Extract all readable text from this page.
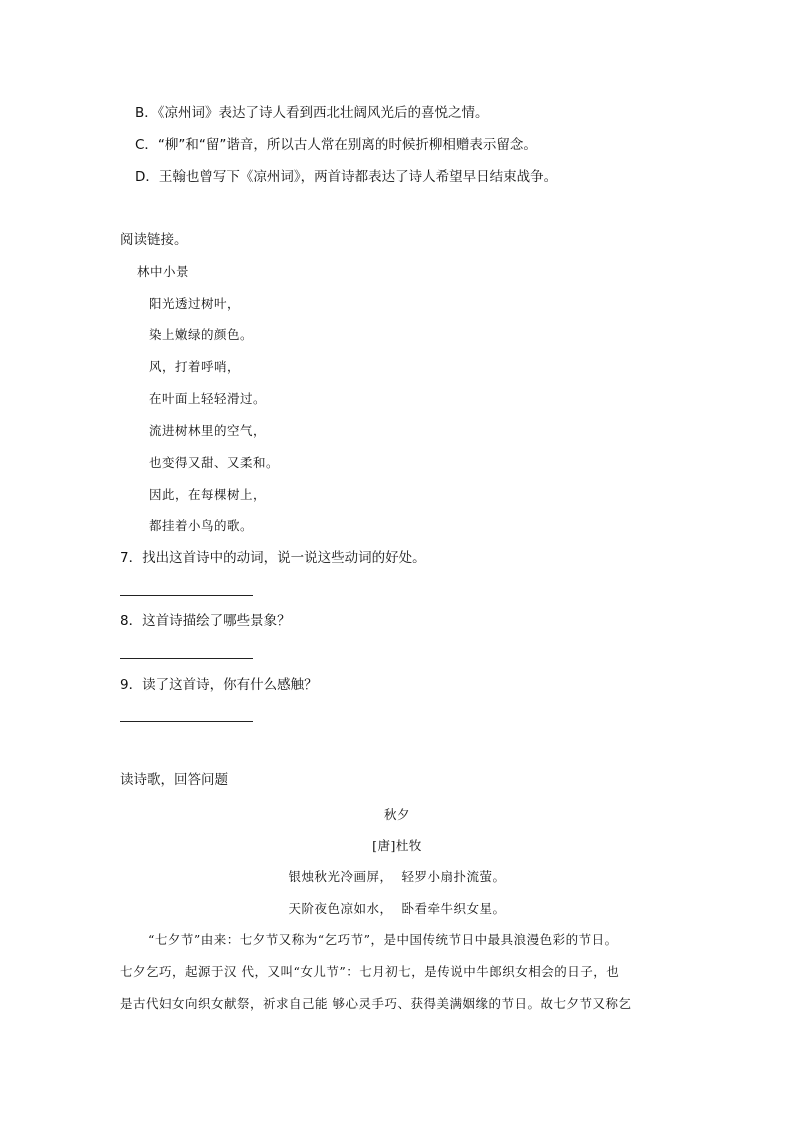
B．《凉州词》表达了诗人看到西北壮阔风光后的喜悦之情。
C．“柳”和“留”谐音，所以古人常在别离的时候折柳相赠表示留念。
D．王翰也曾写下《凉州词》，两首诗都表达了诗人希望早日结束战争。
阅读链接。
林中小景
阳光透过树叶，
染上嫩绿的颜色。
风，打着呼哨，
在叶面上轻轻滑过。
流进树林里的空气，
也变得又甜、又柔和。
因此，在每棵树上，
都挂着小鸟的歌。
7．找出这首诗中的动词，说一说这些动词的好处。
8．这首诗描绘了哪些景象？
9．读了这首诗，你有什么感触？
读诗歌，回答问题
秋夕
[唐]杜牧
银烛秋光冷画屏，  轻罗小扇扑流萤。
天阶夜色凉如水，  卧看牵牛织女星。
“七夕节”由来：七夕节又称为“乞巧节”，是中国传统节日中最具浪漫色彩的节日。
七夕乞巧，起源于汉 代，又叫“女儿节”：七月初七，是传说中牛郎织女相会的日子，也
是古代妇女向织女献祭，祈求自己能 够心灵手巧、获得美满姻缘的节日。故七夕节又称乞
